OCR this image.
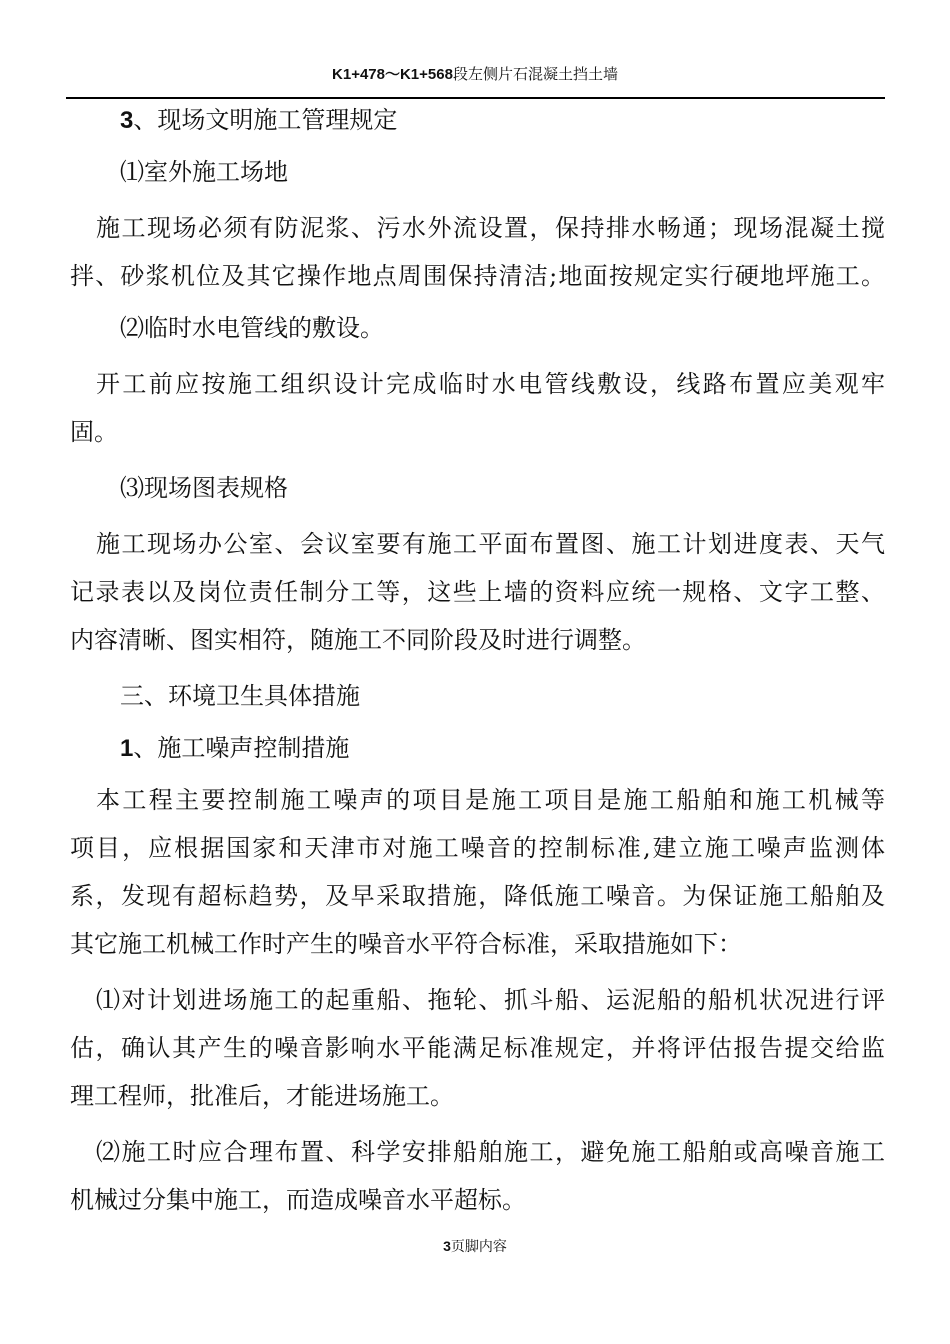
K1+478～K1+568段左侧片石混凝土挡土墙
3、现场文明施工管理规定
⑴室外施工场地
施工现场必须有防泥浆、污水外流设置，保持排水畅通；现场混凝土搅
拌、砂浆机位及其它操作地点周围保持清洁;地面按规定实行硬地坪施工。
⑵临时水电管线的敷设。
开工前应按施工组织设计完成临时水电管线敷设，线路布置应美观牢
固。
⑶现场图表规格
施工现场办公室、会议室要有施工平面布置图、施工计划进度表、天气
记录表以及岗位责任制分工等，这些上墙的资料应统一规格、文字工整、
内容清晰、图实相符，随施工不同阶段及时进行调整。
三、环境卫生具体措施
1、施工噪声控制措施
本工程主要控制施工噪声的项目是施工项目是施工船舶和施工机械等
项目，应根据国家和天津市对施工噪音的控制标准,建立施工噪声监测体
系，发现有超标趋势，及早采取措施，降低施工噪音。为保证施工船舶及
其它施工机械工作时产生的噪音水平符合标准，采取措施如下：
⑴对计划进场施工的起重船、拖轮、抓斗船、运泥船的船机状况进行评
估，确认其产生的噪音影响水平能满足标准规定，并将评估报告提交给监
理工程师，批准后，才能进场施工。
⑵施工时应合理布置、科学安排船舶施工，避免施工船舶或高噪音施工
机械过分集中施工，而造成噪音水平超标。
3页脚内容
